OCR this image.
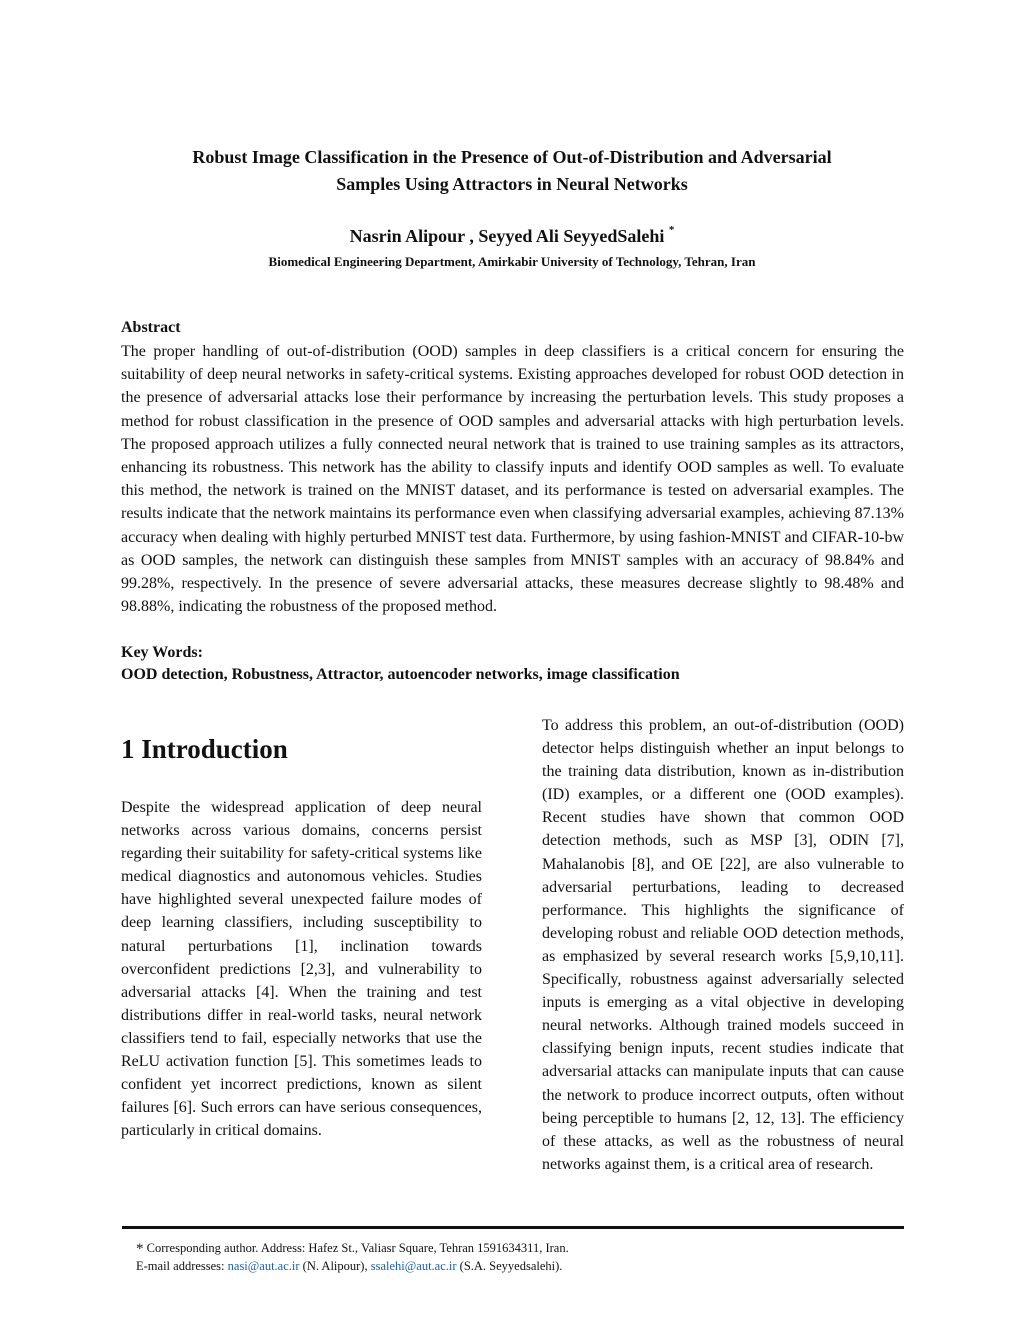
Robust Image Classification in the Presence of Out-of-Distribution and Adversarial
Samples Using Attractors in Neural Networks
Nasrin Alipour , Seyyed Ali SeyyedSalehi *
Biomedical Engineering Department, Amirkabir University of Technology, Tehran, Iran
Abstract

The proper handling of out-of-distribution (OOD) samples in deep classifiers is a critical concern for ensuring the suitability of deep neural networks in safety-critical systems. Existing approaches developed for robust OOD detection in the presence of adversarial attacks lose their performance by increasing the perturbation levels. This study proposes a method for robust classification in the presence of OOD samples and adversarial attacks with high perturbation levels. The proposed approach utilizes a fully connected neural network that is trained to use training samples as its attractors, enhancing its robustness. This network has the ability to classify inputs and identify OOD samples as well. To evaluate this method, the network is trained on the MNIST dataset, and its performance is tested on adversarial examples. The results indicate that the network maintains its performance even when classifying adversarial examples, achieving 87.13% accuracy when dealing with highly perturbed MNIST test data. Furthermore, by using fashion-MNIST and CIFAR-10-bw as OOD samples, the network can distinguish these samples from MNIST samples with an accuracy of 98.84% and 99.28%, respectively. In the presence of severe adversarial attacks, these measures decrease slightly to 98.48% and 98.88%, indicating the robustness of the proposed method.

Key Words:
OOD detection, Robustness, Attractor, autoencoder networks, image classification
1 Introduction

Despite the widespread application of deep neural networks across various domains, concerns persist regarding their suitability for safety-critical systems like medical diagnostics and autonomous vehicles. Studies have highlighted several unexpected failure modes of deep learning classifiers, including susceptibility to natural perturbations [1], inclination towards overconfident predictions [2,3], and vulnerability to adversarial attacks [4]. When the training and test distributions differ in real-world tasks, neural network classifiers tend to fail, especially networks that use the ReLU activation function [5]. This sometimes leads to confident yet incorrect predictions, known as silent failures [6]. Such errors can have serious consequences, particularly in critical domains.

To address this problem, an out-of-distribution (OOD) detector helps distinguish whether an input belongs to the training data distribution, known as in-distribution (ID) examples, or a different one (OOD examples). Recent studies have shown that common OOD detection methods, such as MSP [3], ODIN [7], Mahalanobis [8], and OE [22], are also vulnerable to adversarial perturbations, leading to decreased performance. This highlights the significance of developing robust and reliable OOD detection methods, as emphasized by several research works [5,9,10,11]. Specifically, robustness against adversarially selected inputs is emerging as a vital objective in developing neural networks. Although trained models succeed in classifying benign inputs, recent studies indicate that adversarial attacks can manipulate inputs that can cause the network to produce incorrect outputs, often without being perceptible to humans [2, 12, 13]. The efficiency of these attacks, as well as the robustness of neural networks against them, is a critical area of research.

* Corresponding author. Address: Hafez St., Valiasr Square, Tehran 1591634311, Iran.
E-mail addresses: nasi@aut.ac.ir (N. Alipour), ssalehi@aut.ac.ir (S.A. Seyyedsalehi).
